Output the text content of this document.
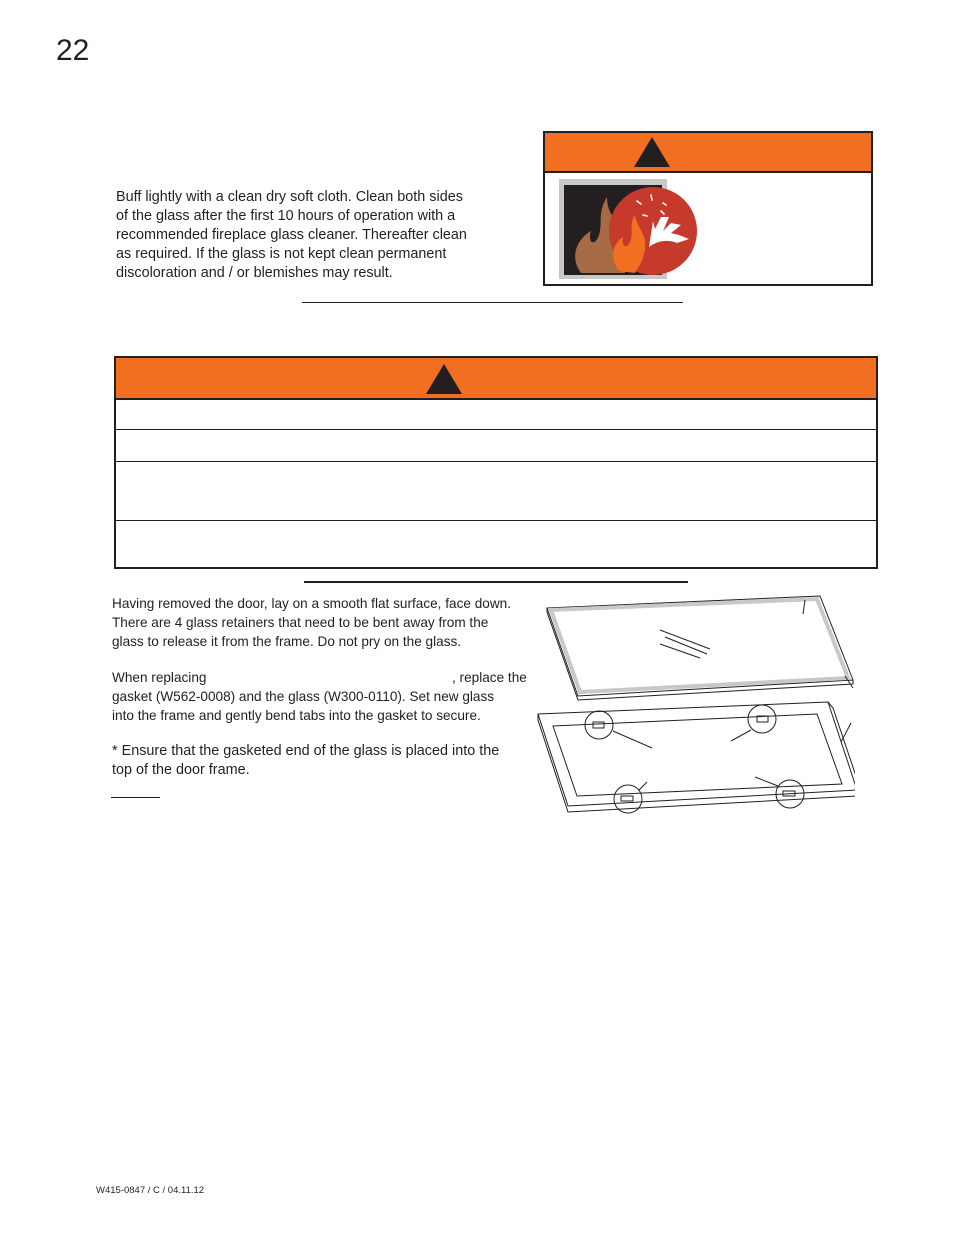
22
Buff lightly with a clean dry soft cloth. Clean both sides
of the glass after the first 10 hours of operation with a
recommended fireplace glass cleaner. Thereafter clean
as required. If the glass is not kept clean permanent
discoloration and / or blemishes may result.
Having removed the door, lay on a smooth flat surface, face down.
There are 4 glass retainers that need to be bent away from the
glass to release it from the frame. Do not pry on the glass.
When replacing	, replace the
gasket (W562-0008) and the glass (W300-0110). Set new glass
into the frame and gently bend tabs into the gasket to secure.
* Ensure that the gasketed end of the glass is placed into the
top of the door frame.
W415-0847 / C / 04.11.12
